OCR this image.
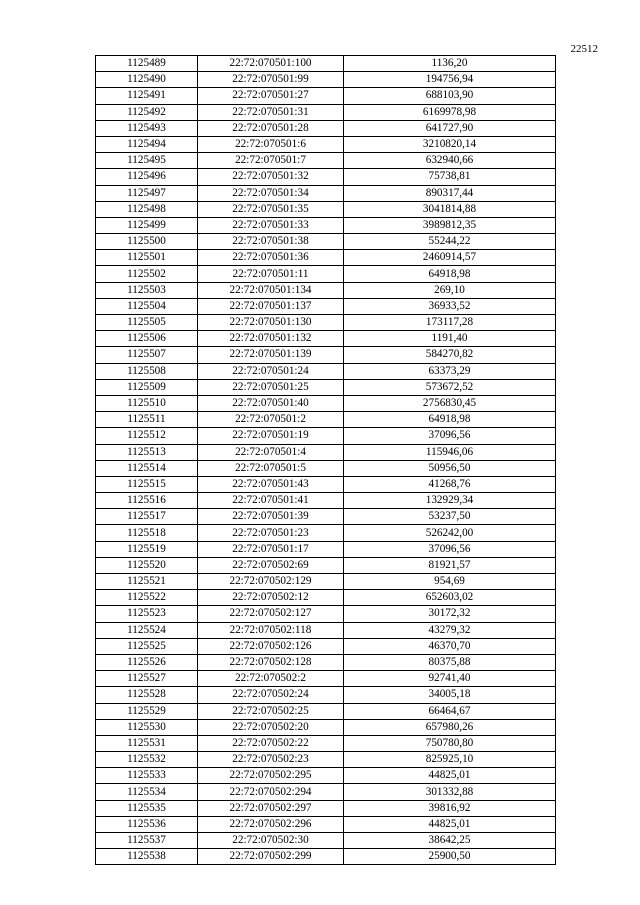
22512
1125489	22:72:070501:100	1136,20
1125490	22:72:070501:99	194756,94
1125491	22:72:070501:27	688103,90
1125492	22:72:070501:31	6169978,98
1125493	22:72:070501:28	641727,90
1125494	22:72:070501:6	3210820,14
1125495	22:72:070501:7	632940,66
1125496	22:72:070501:32	75738,81
1125497	22:72:070501:34	890317,44
1125498	22:72:070501:35	3041814,88
1125499	22:72:070501:33	3989812,35
1125500	22:72:070501:38	55244,22
1125501	22:72:070501:36	2460914,57
1125502	22:72:070501:11	64918,98
1125503	22:72:070501:134	269,10
1125504	22:72:070501:137	36933,52
1125505	22:72:070501:130	173117,28
1125506	22:72:070501:132	1191,40
1125507	22:72:070501:139	584270,82
1125508	22:72:070501:24	63373,29
1125509	22:72:070501:25	573672,52
1125510	22:72:070501:40	2756830,45
1125511	22:72:070501:2	64918,98
1125512	22:72:070501:19	37096,56
1125513	22:72:070501:4	115946,06
1125514	22:72:070501:5	50956,50
1125515	22:72:070501:43	41268,76
1125516	22:72:070501:41	132929,34
1125517	22:72:070501:39	53237,50
1125518	22:72:070501:23	526242,00
1125519	22:72:070501:17	37096,56
1125520	22:72:070502:69	81921,57
1125521	22:72:070502:129	954,69
1125522	22:72:070502:12	652603,02
1125523	22:72:070502:127	30172,32
1125524	22:72:070502:118	43279,32
1125525	22:72:070502:126	46370,70
1125526	22:72:070502:128	80375,88
1125527	22:72:070502:2	92741,40
1125528	22:72:070502:24	34005,18
1125529	22:72:070502:25	66464,67
1125530	22:72:070502:20	657980,26
1125531	22:72:070502:22	750780,80
1125532	22:72:070502:23	825925,10
1125533	22:72:070502:295	44825,01
1125534	22:72:070502:294	301332,88
1125535	22:72:070502:297	39816,92
1125536	22:72:070502:296	44825,01
1125537	22:72:070502:30	38642,25
1125538	22:72:070502:299	25900,50
